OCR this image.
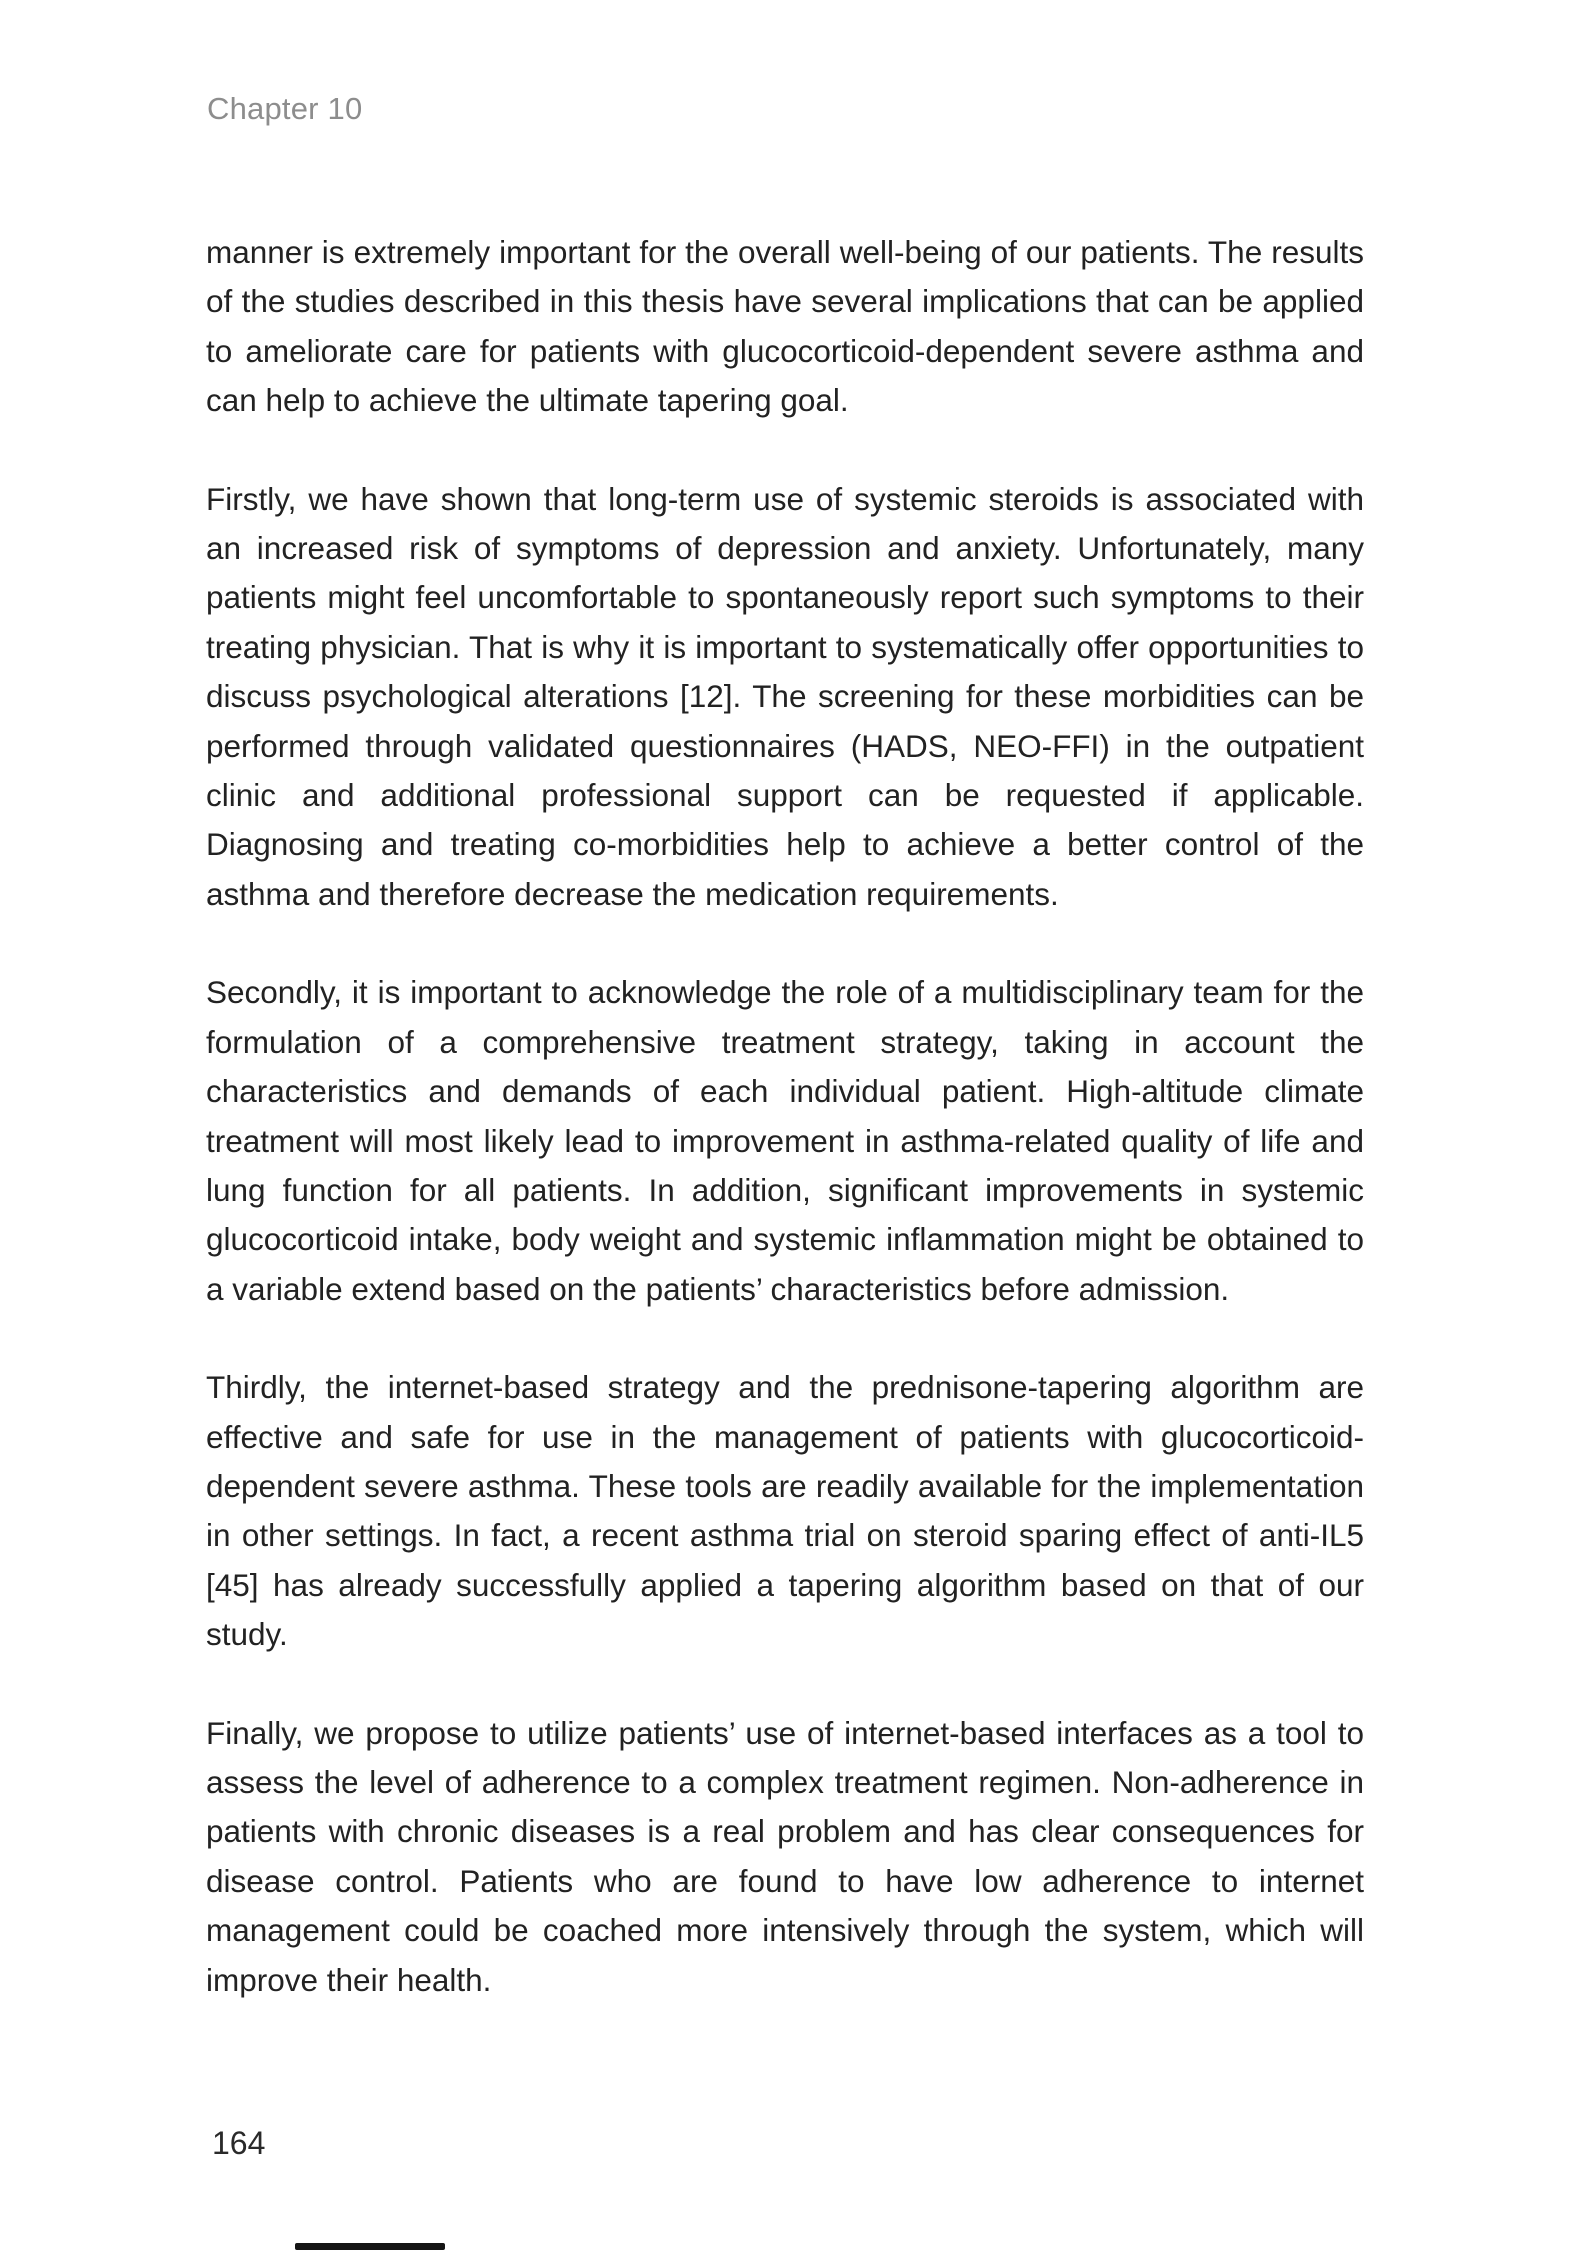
Chapter 10

manner is extremely important for the overall well-being of our patients. The results of the studies described in this thesis have several implications that can be applied to ameliorate care for patients with glucocorticoid-dependent severe asthma and can help to achieve the ultimate tapering goal.

Firstly, we have shown that long-term use of systemic steroids is associated with an increased risk of symptoms of depression and anxiety. Unfortunately, many patients might feel uncomfortable to spontaneously report such symptoms to their treating physician. That is why it is important to systematically offer opportunities to discuss psychological alterations [12]. The screening for these morbidities can be performed through validated questionnaires (HADS, NEO-FFI) in the outpatient clinic and additional professional support can be requested if applicable. Diagnosing and treating co-morbidities help to achieve a better control of the asthma and therefore decrease the medication requirements.

Secondly, it is important to acknowledge the role of a multidisciplinary team for the formulation of a comprehensive treatment strategy, taking in account the characteristics and demands of each individual patient. High-altitude climate treatment will most likely lead to improvement in asthma-related quality of life and lung function for all patients. In addition, significant improvements in systemic glucocorticoid intake, body weight and systemic inflammation might be obtained to a variable extend based on the patients’ characteristics before admission.

Thirdly, the internet-based strategy and the prednisone-tapering algorithm are effective and safe for use in the management of patients with glucocorticoid-dependent severe asthma. These tools are readily available for the implementation in other settings. In fact, a recent asthma trial on steroid sparing effect of anti-IL5 [45] has already successfully applied a tapering algorithm based on that of our study.

Finally, we propose to utilize patients’ use of internet-based interfaces as a tool to assess the level of adherence to a complex treatment regimen. Non-adherence in patients with chronic diseases is a real problem and has clear consequences for disease control. Patients who are found to have low adherence to internet management could be coached more intensively through the system, which will improve their health.

164
